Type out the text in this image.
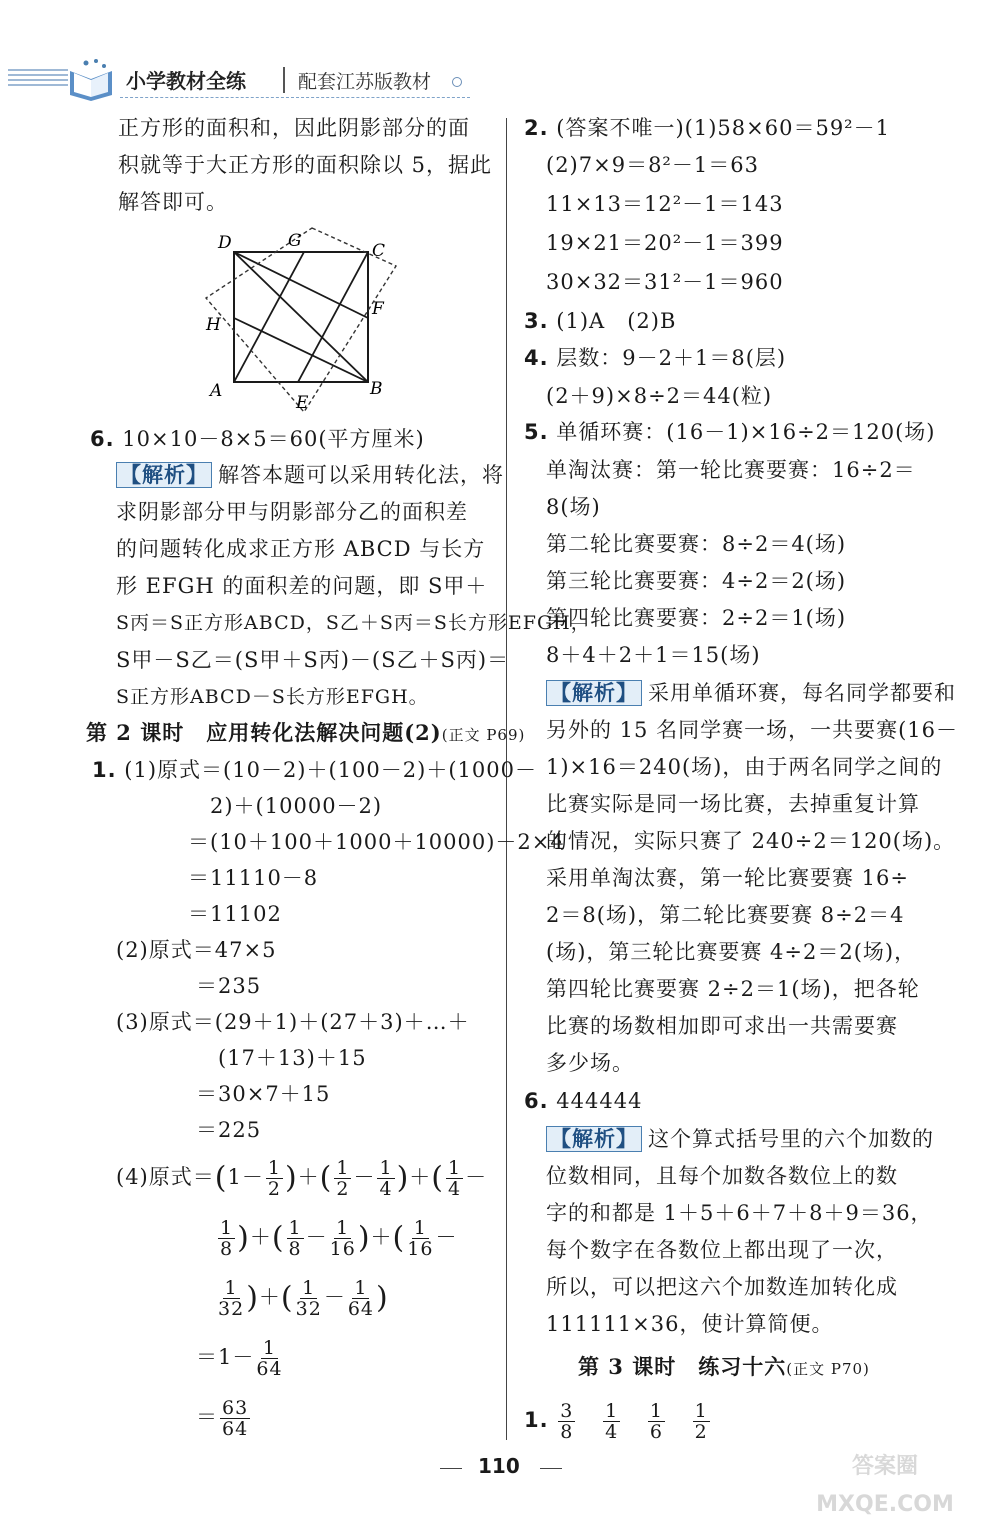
小学教材全练	配套江苏版教材
正方形的面积和，因此阴影部分的面
积就等于大正方形的面积除以 5，据此
解答即可。
D	G	C
H
F
A
E
B
6. 10×10－8×5＝60(平方厘米)
【解析】 解答本题可以采用转化法，将
求阴影部分甲与阴影部分乙的面积差
的问题转化成求正方形 ABCD 与长方
形 EFGH 的面积差的问题，即 S甲＋
S丙＝S正方形ABCD，S乙＋S丙＝S长方形EFGH，
S甲－S乙＝(S甲＋S丙)－(S乙＋S丙)＝
S正方形ABCD－S长方形EFGH。
第 2 课时　应用转化法解决问题(2)(正文 P69)
1. (1)原式＝(10－2)＋(100－2)＋(1000－
2)＋(10000－2)
＝(10＋100＋1000＋10000)－2×4
＝11110－8
＝11102
(2)原式＝47×5
＝235
(3)原式＝(29＋1)＋(27＋3)＋…＋
(17＋13)＋15
＝30×7＋15
＝225
(4)原式$=(1- \frac{1}{2}$ )＋( $\frac{1}{2} - \frac{1}{4}$ )＋( $\frac{1}{4}$ －
$\frac{1}{8}$ )＋( $\frac{1}{8} - \frac{1}{16}$ )＋( $\frac{1}{16}$ －
$\frac{1}{32}$ )＋( $\frac{1}{32} - \frac{1}{64}$ )
$=1- \frac{1}{64}$
＝ $\frac{63}{64}$
2. (答案不唯一)(1)58×60＝59²－1
(2)7×9＝8²－1＝63
11×13＝12²－1＝143
19×21＝20²－1＝399
30×32＝31²－1＝960
3. (1)A　(2)B
4. 层数：9－2＋1＝8(层)
(2＋9)×8÷2＝44(粒)
5. 单循环赛：(16－1)×16÷2＝120(场)
单淘汰赛：第一轮比赛要赛：16÷2＝
8(场)
第二轮比赛要赛：8÷2＝4(场)
第三轮比赛要赛：4÷2＝2(场)
第四轮比赛要赛：2÷2＝1(场)
8＋4＋2＋1＝15(场)
【解析】 采用单循环赛，每名同学都要和
另外的 15 名同学赛一场，一共要赛(16－
1)×16＝240(场)，由于两名同学之间的
比赛实际是同一场比赛，去掉重复计算
的情况，实际只赛了 240÷2＝120(场)。
采用单淘汰赛，第一轮比赛要赛 16÷
2＝8(场)，第二轮比赛要赛 8÷2＝4
(场)，第三轮比赛要赛 4÷2＝2(场)，
第四轮比赛要赛 2÷2＝1(场)，把各轮
比赛的场数相加即可求出一共需要赛
多少场。
6. 444444
【解析】 这个算式括号里的六个加数的
位数相同，且每个加数各数位上的数
字的和都是 1＋5＋6＋7＋8＋9＝36，
每个数字在各数位上都出现了一次，
所以，可以把这六个加数连加转化成
111111×36，使计算简便。
第 3 课时　练习十六(正文 P70)
1. $\frac{3}{8}$
$\frac{1}{4}$
$\frac{1}{6}$
$\frac{1}{2}$
110	答案圈 MXQE.COM
